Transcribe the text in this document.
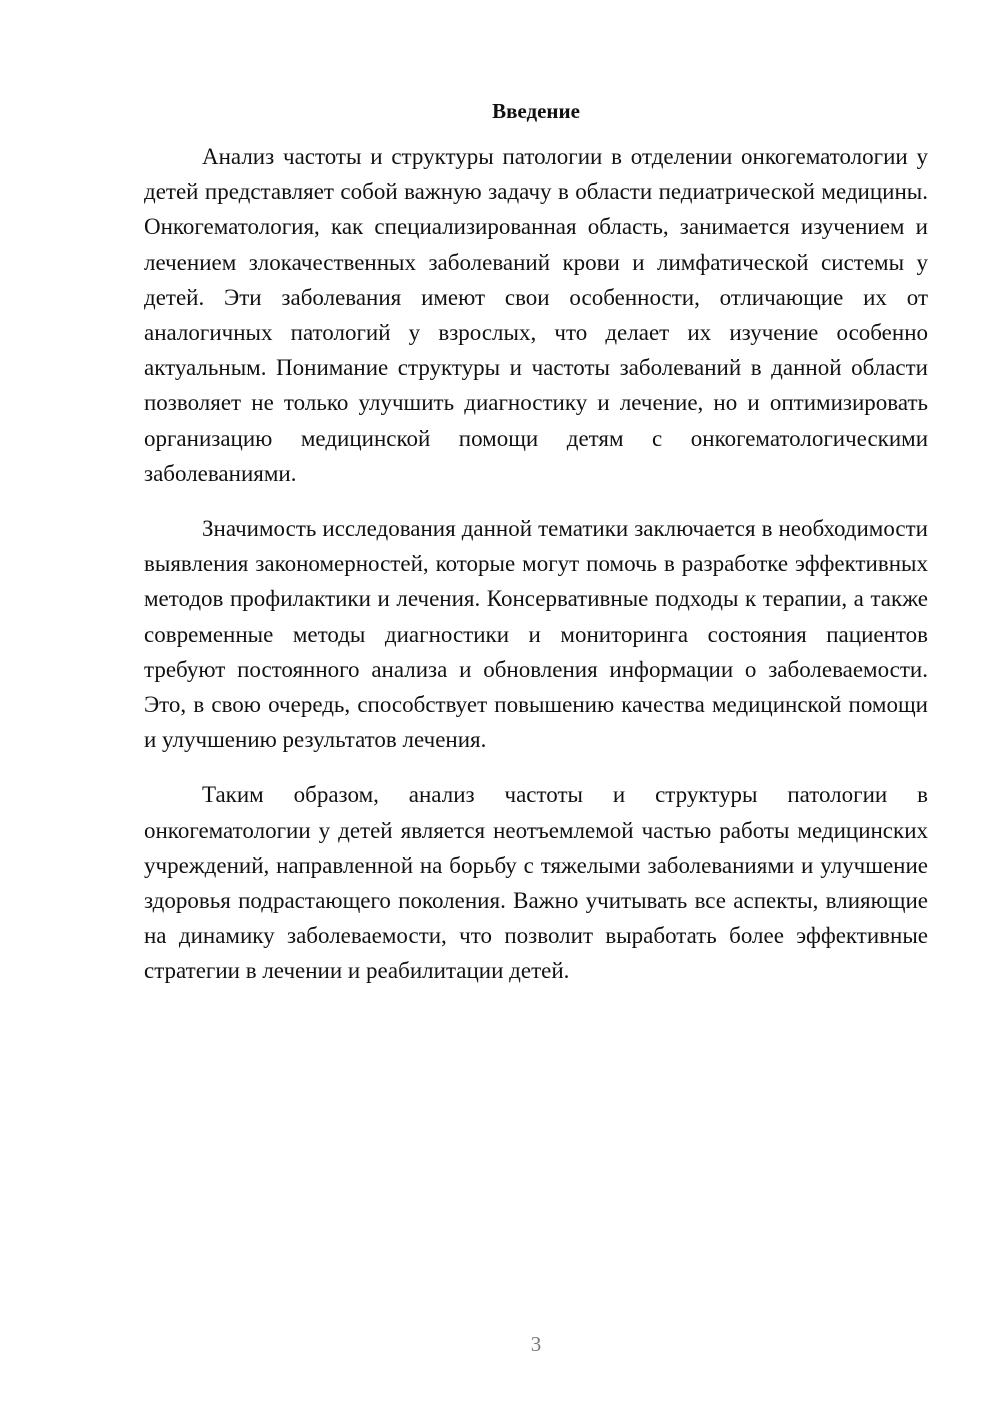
Введение

Анализ частоты и структуры патологии в отделении онкогематологии у детей представляет собой важную задачу в области педиатрической медицины. Онкогематология, как специализированная область, занимается изучением и лечением злокачественных заболеваний крови и лимфатической системы у детей. Эти заболевания имеют свои особенности, отличающие их от аналогичных патологий у взрослых, что делает их изучение особенно актуальным. Понимание структуры и частоты заболеваний в данной области позволяет не только улучшить диагностику и лечение, но и оптимизировать организацию медицинской помощи детям с онкогематологическими заболеваниями.

Значимость исследования данной тематики заключается в необходимости выявления закономерностей, которые могут помочь в разработке эффективных методов профилактики и лечения. Консервативные подходы к терапии, а также современные методы диагностики и мониторинга состояния пациентов требуют постоянного анализа и обновления информации о заболеваемости. Это, в свою очередь, способствует повышению качества медицинской помощи и улучшению результатов лечения.

Таким образом, анализ частоты и структуры патологии в онкогематологии у детей является неотъемлемой частью работы медицинских учреждений, направленной на борьбу с тяжелыми заболеваниями и улучшение здоровья подрастающего поколения. Важно учитывать все аспекты, влияющие на динамику заболеваемости, что позволит выработать более эффективные стратегии в лечении и реабилитации детей.

3
